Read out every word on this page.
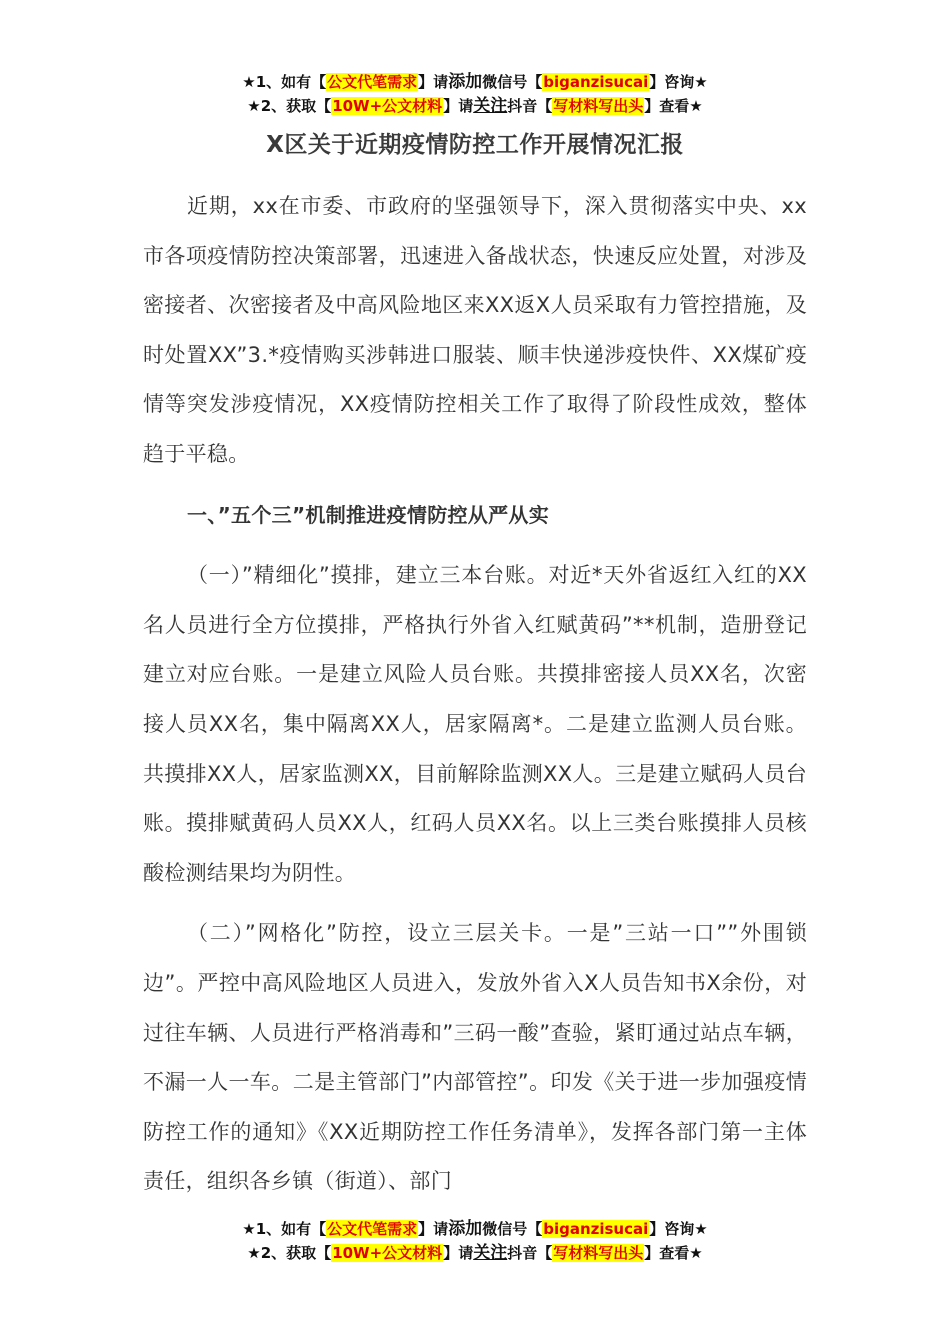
★1、如有【公文代笔需求】请添加微信号【biganzisucai】咨询★
★2、获取【10W+公文材料】请关注抖音【写材料写出头】查看★
X区关于近期疫情防控工作开展情况汇报

近期，xx在市委、市政府的坚强领导下，深入贯彻落实中央、xx市各项疫情防控决策部署，迅速进入备战状态，快速反应处置，对涉及密接者、次密接者及中高风险地区来XX返X人员采取有力管控措施，及时处置XX”3.*疫情购买涉韩进口服装、顺丰快递涉疫快件、XX煤矿疫情等突发涉疫情况，XX疫情防控相关工作了取得了阶段性成效，整体趋于平稳。

一、”五个三”机制推进疫情防控从严从实

（一）”精细化”摸排，建立三本台账。对近*天外省返红入红的XX名人员进行全方位摸排，严格执行外省入红赋黄码”**机制，造册登记建立对应台账。一是建立风险人员台账。共摸排密接人员XX名，次密接人员XX名，集中隔离XX人，居家隔离*。二是建立监测人员台账。共摸排XX人，居家监测XX，目前解除监测XX人。三是建立赋码人员台账。摸排赋黄码人员XX人，红码人员XX名。以上三类台账摸排人员核酸检测结果均为阴性。

（二）”网格化”防控，设立三层关卡。一是”三站一口””外围锁边”。严控中高风险地区人员进入，发放外省入X人员告知书X余份，对过往车辆、人员进行严格消毒和”三码一酸”查验，紧盯通过站点车辆，不漏一人一车。二是主管部门”内部管控”。印发《关于进一步加强疫情防控工作的通知》《XX近期防控工作任务清单》，发挥各部门第一主体责任，组织各乡镇（街道）、部门

★1、如有【公文代笔需求】请添加微信号【biganzisucai】咨询★
★2、获取【10W+公文材料】请关注抖音【写材料写出头】查看★
